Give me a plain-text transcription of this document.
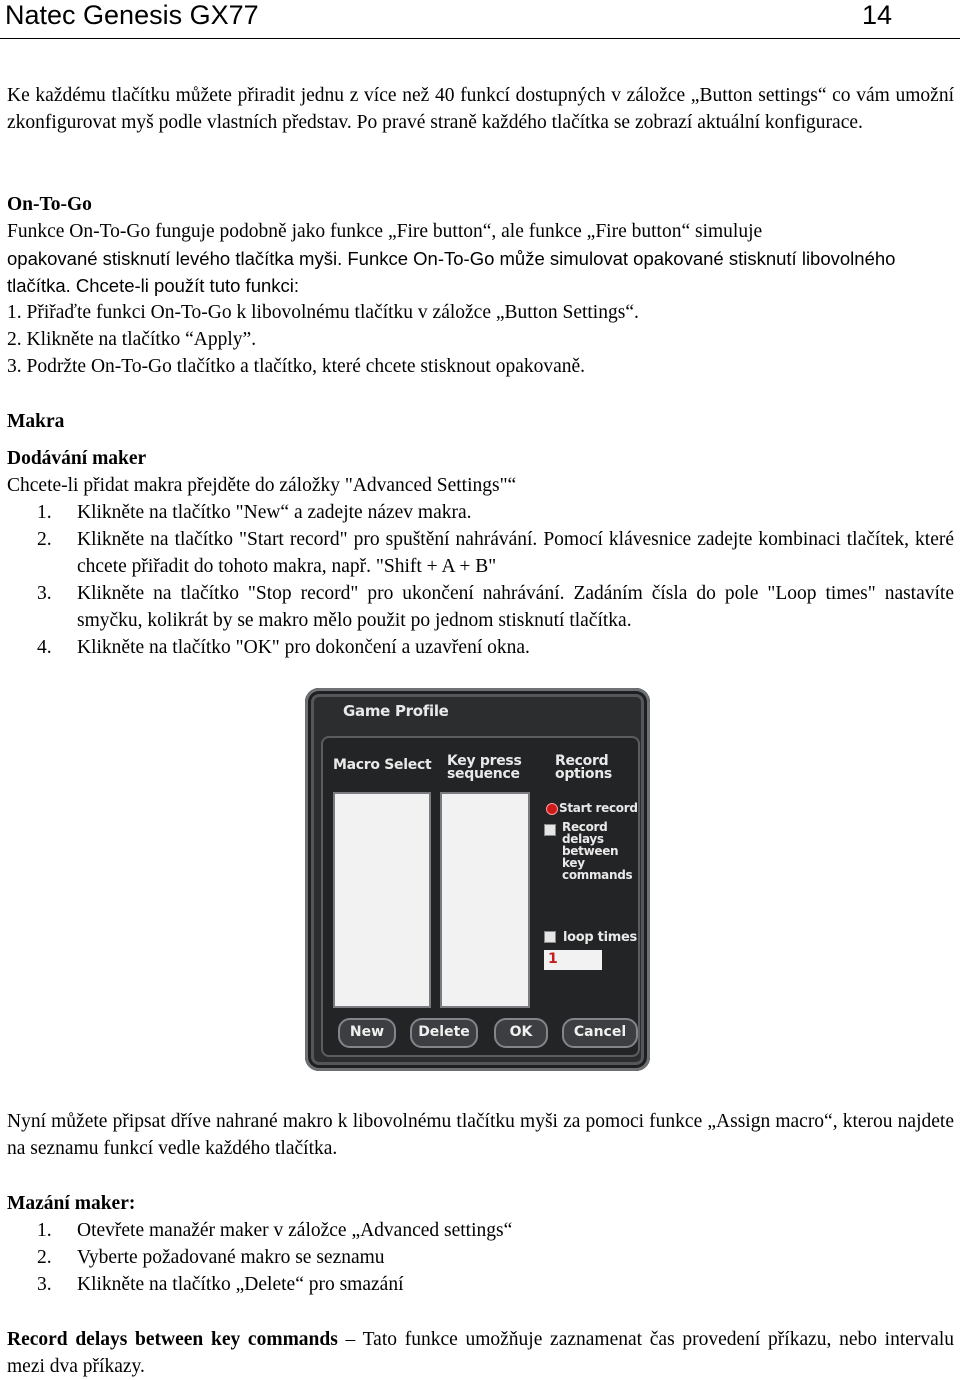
Natec Genesis GX77	14

Ke každému tlačítku můžete přiradit jednu z více než 40 funkcí dostupných v záložce „Button settings“ co vám umožní zkonfigurovat myš podle vlastních představ. Po pravé straně každého tlačítka se zobrazí aktuální konfigurace.

On-To-Go

Funkce On-To-Go funguje podobně jako funkce „Fire button“, ale funkce „Fire button“ simuluje

opakované stisknutí levého tlačítka myši. Funkce On-To-Go může simulovat opakované stisknutí libovolného tlačítka. Chcete-li použít tuto funkci:

1. Přiřaďte funkci On-To-Go k libovolnému tlačítku v záložce „Button Settings“.

2. Klikněte na tlačítko “Apply”.

3. Podržte On-To-Go tlačítko a tlačítko, které chcete stisknout opakovaně.

Makra

Dodávání maker

Chcete-li přidat makra přejděte do záložky "Advanced Settings"“

1. Klikněte na tlačítko "New“ a zadejte název makra.
2. Klikněte na tlačítko "Start record" pro spuštění nahrávání. Pomocí klávesnice zadejte kombinaci tlačítek, které chcete přiřadit do tohoto makra, např. "Shift + A + B"
3. Klikněte na tlačítko "Stop record" pro ukončení nahrávání. Zadáním čísla do pole "Loop times" nastavíte smyčku, kolikrát by se makro mělo použit po jednom stisknutí tlačítka.
4. Klikněte na tlačítko "OK" pro dokončení a uzavření okna.
Game Profile
Macro Select Key press
sequence
Record
options
Start record
Record
delays
between
key
commands
loop times
1
New	Delete	OK	Cancel

Nyní můžete připsat dříve nahrané makro k libovolnému tlačítku myši za pomoci funkce „Assign macro“, kterou najdete na seznamu funkcí vedle každého tlačítka.

Mazání maker:

1. Otevřete manažér maker v záložce „Advanced settings“
2. Vyberte požadované makro se seznamu
3. Klikněte na tlačítko „Delete“ pro smazání

Record delays between key commands – Tato funkce umožňuje zaznamenat čas provedení příkazu, nebo intervalu mezi dva příkazy.
